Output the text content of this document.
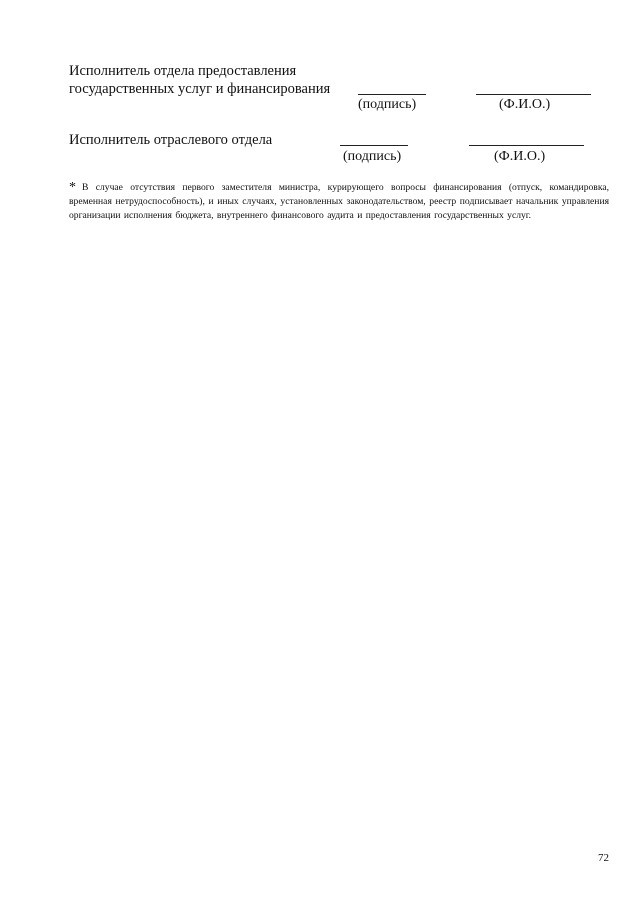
Исполнитель отдела предоставления
государственных услуг и финансирования
(подпись)	(Ф.И.О.)
Исполнитель отраслевого отдела
(подпись)	(Ф.И.О.)
* В случае отсутствия первого заместителя министра, курирующего вопросы финансирования (отпуск, командировка, временная нетрудоспособность), и иных случаях, установленных законодательством, реестр подписывает начальник управления организации исполнения бюджета, внутреннего финансового аудита и предоставления государственных услуг.
72
